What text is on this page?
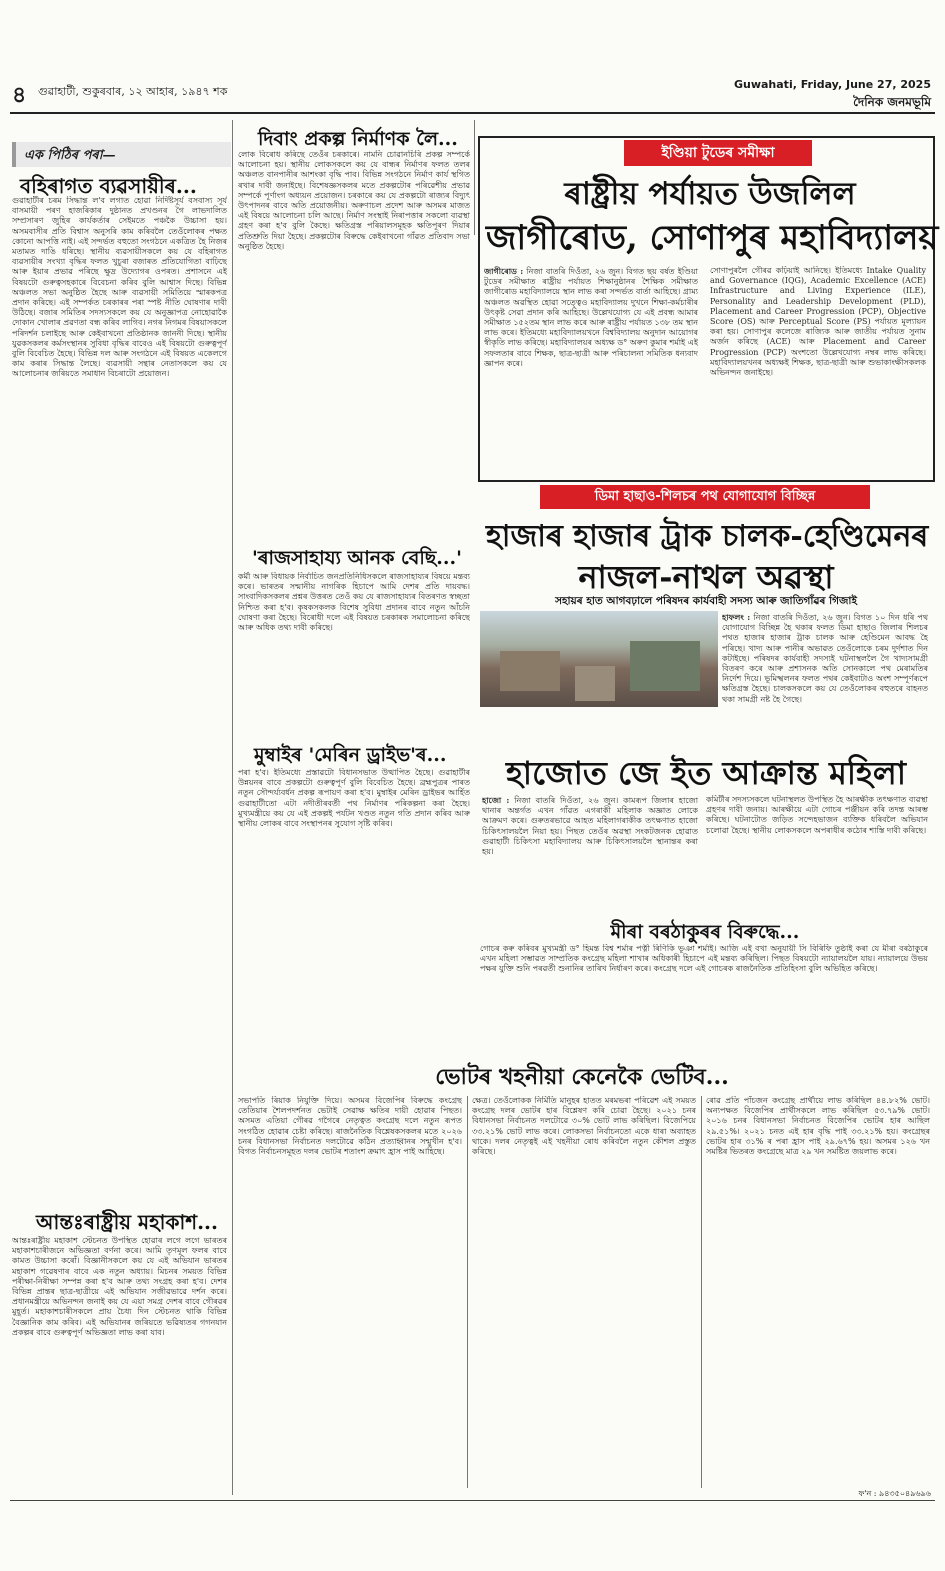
৪ গুৱাহাটী, শুকুৰবাৰ, ১২ আহাৰ, ১৯৪৭ শক
Guwahati, Friday, June 27, 2025
দৈনিক জনমভূমি
এক পিঠিৰ পৰা—
বহিৰাগত ব্যৱসায়ীৰ...
গুৱাহাটীৰ চৰম সিদ্ধান্ত ল'ব লগাত হোৱা নিৰ্দিষ্টসূৰ্য বসবাস্য সূৰ্য বাসমায়ী পৰণ হাজৰিকাৰ দুষ্ঠানত প্ৰখণ্ডনৰ গৈ লাভদালিত সম্প্ৰসাৰণ জুহিৰ কাৰ্যকৰ্তাৰ সেইমতে পঞ্চকৈ উচ্চাসা হয়। অসমবাসীৰ প্ৰতি বিশ্বাস অনুসৰি কাম কৰিবলৈ তেওঁলোকৰ পক্ষত কোনো আপত্তি নাই। এই সন্দৰ্ভত বহুতো সংগঠনে একত্ৰিত হৈ নিজৰ মতামত দাঙি ধৰিছে। স্থানীয় ব্যৱসায়ীসকলে কয় যে বহিৰাগত ব্যৱসায়ীৰ সংখ্যা বৃদ্ধিৰ ফলত খুচুৰা বজাৰত প্ৰতিযোগিতা বাঢ়িছে আৰু ইয়াৰ প্ৰভাৱ পৰিছে ক্ষুদ্ৰ উদ্যোগৰ ওপৰত। প্ৰশাসনে এই বিষয়টো গুৰুত্বসহকাৰে বিবেচনা কৰিব বুলি আশ্বাস দিছে। বিভিন্ন অঞ্চলত সভা অনুষ্ঠিত হৈছে আৰু ব্যৱসায়ী সমিতিয়ে স্মাৰকপত্ৰ প্ৰদান কৰিছে। এই সম্পৰ্কত চৰকাৰৰ পৰা স্পষ্ট নীতি ঘোষণাৰ দাবী উঠিছে। বজাৰ সমিতিৰ সদস্যসকলে কয় যে অনুজ্ঞাপত্ৰ নোহোৱাকৈ দোকান খোলাৰ প্ৰৱণতা বন্ধ কৰিব লাগিব। নগৰ নিগমৰ বিষয়াসকলে পৰিদৰ্শন চলাইছে আৰু কেইবাখনো প্ৰতিষ্ঠানক জাননী দিছে। স্থানীয় যুৱকসকলৰ কৰ্মসংস্থানৰ সুবিধা বৃদ্ধিৰ বাবেও এই বিষয়টো গুৰুত্বপূৰ্ণ বুলি বিবেচিত হৈছে। বিভিন্ন দল আৰু সংগঠনে এই বিষয়ত একেলগে কাম কৰাৰ সিদ্ধান্ত লৈছে। ব্যৱসায়ী সন্থাৰ নেতাসকলে কয় যে আলোচনাৰ জৰিয়তে সমাধান বিচৰাটো প্ৰয়োজন।
আন্তঃৰাষ্ট্ৰীয় মহাকাশ...
আন্তঃৰাষ্ট্ৰীয় মহাকাশ স্টেচনত উপস্থিত হোৱাৰ লগে লগে ভাৰতৰ মহাকাশচাৰীজনে অভিজ্ঞতা বৰ্ণনা কৰে। আমি তৃণমূল ফলৰ বাবে কামত উচ্চাসা কৰোঁ। বিজ্ঞানীসকলে কয় যে এই অভিযান ভাৰতৰ মহাকাশ গৱেষণাৰ বাবে এক নতুন অধ্যায়। মিচনৰ সময়ত বিভিন্ন পৰীক্ষা-নিৰীক্ষা সম্পন্ন কৰা হ'ব আৰু তথ্য সংগ্ৰহ কৰা হ'ব। দেশৰ বিভিন্ন প্ৰান্তৰ ছাত্ৰ-ছাত্ৰীয়ে এই অভিযান সজীৱভাৱে দৰ্শন কৰে। প্ৰধানমন্ত্ৰীয়ে অভিনন্দন জনাই কয় যে এয়া সমগ্ৰ দেশৰ বাবে গৌৰৱৰ মুহূৰ্ত। মহাকাশচাৰীসকলে প্ৰায় চৈধ্য দিন স্টেচনত থাকি বিভিন্ন বৈজ্ঞানিক কাম কৰিব। এই অভিযানৰ জৰিয়তে ভৱিষ্যতৰ গগনযান প্ৰকল্পৰ বাবে গুৰুত্বপূৰ্ণ অভিজ্ঞতা লাভ কৰা যাব।
দিবাং প্ৰকল্প নিৰ্মাণক লৈ...
লোক বিৰোধ কৰিছে তেওঁৰ চৰকাৰে। নামনি চোৱানচিৰি প্ৰকল্প সম্পৰ্কে আলোচনা হয়। স্থানীয় লোকসকলে কয় যে বান্ধৰ নিৰ্মাণৰ ফলত তলৰ অঞ্চলত বানপানীৰ আশংকা বৃদ্ধি পাব। বিভিন্ন সংগঠনে নিৰ্মাণ কাৰ্য স্থগিত ৰখাৰ দাবী জনাইছে। বিশেষজ্ঞসকলৰ মতে প্ৰকল্পটোৰ পৰিৱেশীয় প্ৰভাৱ সম্পৰ্কে পূৰ্ণাংগ অধ্যয়ন প্ৰয়োজন। চৰকাৰে কয় যে প্ৰকল্পটো ৰাজ্যৰ বিদ্যুৎ উৎপাদনৰ বাবে অতি প্ৰয়োজনীয়। অৰুণাচল প্ৰদেশ আৰু অসমৰ মাজত এই বিষয়ে আলোচনা চলি আছে। নিৰ্মাণ সংস্থাই নিৰাপত্তাৰ সকলো ব্যৱস্থা গ্ৰহণ কৰা হ'ব বুলি কৈছে। ক্ষতিগ্ৰস্ত পৰিয়ালসমূহক ক্ষতিপূৰণ দিয়াৰ প্ৰতিশ্ৰুতি দিয়া হৈছে। প্ৰকল্পটোৰ বিৰুদ্ধে কেইবাখনো গাঁৱত প্ৰতিবাদ সভা অনুষ্ঠিত হৈছে।
'ৰাজসাহায্য আনক বেছি...'
কৰ্মী আৰু বিধায়ক নিৰ্বাচিত জনপ্ৰতিনিধিসকলে ৰাজসাহায্যৰ বিষয়ে মন্তব্য কৰে। ভাৰতৰ সন্মানীয় নাগৰিক হিচাপে আমি দেশৰ প্ৰতি দায়বদ্ধ। সাংবাদিকসকলৰ প্ৰশ্নৰ উত্তৰত তেওঁ কয় যে ৰাজসাহায্যৰ বিতৰণত স্বচ্ছতা নিশ্চিত কৰা হ'ব। কৃষকসকলক বিশেষ সুবিধা প্ৰদানৰ বাবে নতুন আঁচনি ঘোষণা কৰা হৈছে। বিৰোধী দলে এই বিষয়ত চৰকাৰক সমালোচনা কৰিছে আৰু অধিক তথ্য দাবী কৰিছে।
মুম্বাইৰ 'মেৰিন ড্ৰাইভ'ৰ...
পৰা হ'ব। ইতিমধ্যে প্ৰস্তাৱটো বিধানসভাত উত্থাপিত হৈছে। গুৱাহাটীৰ উন্নয়নৰ বাবে প্ৰকল্পটো গুৰুত্বপূৰ্ণ বুলি বিবেচিত হৈছে। ব্ৰহ্মপুত্ৰৰ পাৰত নতুন সৌন্দৰ্য্যবৰ্ধন প্ৰকল্প ৰূপায়ণ কৰা হ'ব। মুম্বাইৰ মেৰিন ড্ৰাইভৰ আৰ্হিত গুৱাহাটীতো এটা নদীতীৰবৰ্তী পথ নিৰ্মাণৰ পৰিকল্পনা কৰা হৈছে। মুখ্যমন্ত্ৰীয়ে কয় যে এই প্ৰকল্পই পৰ্যটন খণ্ডত নতুন গতি প্ৰদান কৰিব আৰু স্থানীয় লোকৰ বাবে সংস্থাপনৰ সুযোগ সৃষ্টি কৰিব।
ইণ্ডিয়া টুডেৰ সমীক্ষা
ৰাষ্ট্ৰীয় পৰ্যায়ত উজলিল
জাগীৰোড, সোণাপুৰ মহাবিদ্যালয়
জাগীৰোড : নিজা বাতৰি দিওঁতা, ২৬ জুন। বিগত ছয় বৰ্ষত ইণ্ডিয়া টুডেৰ সমীক্ষাত ৰাষ্ট্ৰীয় পৰ্যায়ত শিক্ষানুষ্ঠানৰ শৈক্ষিক সমীক্ষাত জাগীৰোড মহাবিদ্যালয়ে স্থান লাভ কৰা সন্দৰ্ভত বাৰ্তা আহিছে। গ্ৰাম্য অঞ্চলত অৱস্থিত হোৱা সত্ত্বেও মহাবিদ্যালয় দুখনে শিক্ষা-কৰ্মচাৰীৰ উৎকৃষ্ট সেৱা প্ৰদান কৰি আহিছে। উল্লেখযোগ্য যে এই প্ৰবন্ধ আমাৰ সমীক্ষাত ১৫২তম স্থান লাভ কৰে আৰু ৰাষ্ট্ৰীয় পৰ্যায়ত ১৩৮ তম স্থান লাভ কৰে। ইতিমধ্যে মহাবিদ্যালয়খনে বিশ্ববিদ্যালয় অনুদান আয়োগৰ স্বীকৃতি লাভ কৰিছে। মহাবিদ্যালয়ৰ অধ্যক্ষ ড° অৰুণ কুমাৰ শৰ্মাই এই সফলতাৰ বাবে শিক্ষক, ছাত্ৰ-ছাত্ৰী আৰু পৰিচালনা সমিতিক ধন্যবাদ জ্ঞাপন কৰে।
সোণাপুৰলৈ গৌৰৱ কঢ়িয়াই আনিছে। ইতিমধ্যে Intake Quality and Governance (IQG), Academic Excellence (ACE) Infrastructure and Living Experience (ILE), Personality and Leadership Development (PLD), Placement and Career Progression (PCP), Objective Score (OS) আৰু Perceptual Score (PS) পৰ্যায়ত মূল্যায়ন কৰা হয়। সোণাপুৰ কলেজে ৰাজ্যিক আৰু জাতীয় পৰ্যায়ত সুনাম অৰ্জন কৰিছে (ACE) আৰু Placement and Career Progression (PCP) অংশতো উল্লেখযোগ্য নম্বৰ লাভ কৰিছে। মহাবিদ্যালয়খনৰ অধ্যক্ষই শিক্ষক, ছাত্ৰ-ছাত্ৰী আৰু শুভাকাংক্ষীসকলক অভিনন্দন জনাইছে।
ডিমা হাছাও-শিলচৰ পথ যোগাযোগ বিচ্ছিন্ন
হাজাৰ হাজাৰ ট্ৰাক চালক-হেণ্ডিমেনৰ
নাজল-নাথল অৱস্থা
সহায়ৰ হাত আগবঢ়ালে পৰিষদৰ কাৰ্যবাহী সদস্য আৰু জাতিগাঁৱৰ গিজাই
হাফলং : নিজা বাতৰি দিওঁতা, ২৬ জুন। বিগত ১০ দিন ধৰি পথ যোগাযোগ বিচ্ছিন্ন হৈ থকাৰ ফলত ডিমা হাছাও জিলাৰ শিলচৰ পথত হাজাৰ হাজাৰ ট্ৰাক চালক আৰু হেণ্ডিমেন আবদ্ধ হৈ পৰিছে। খাদ্য আৰু পানীৰ অভাৱত তেওঁলোকে চৰম দুৰ্দশাত দিন কটাইছে। পৰিষদৰ কাৰ্যবাহী সদস্যই ঘটনাস্থললৈ গৈ খাদ্যসামগ্ৰী বিতৰণ কৰে আৰু প্ৰশাসনক অতি সোনকালে পথ মেৰামতিৰ নিৰ্দেশ দিয়ে। ভূমিস্খলনৰ ফলত পথৰ কেইবাটাও অংশ সম্পূৰ্ণৰূপে ক্ষতিগ্ৰস্ত হৈছে। চালকসকলে কয় যে তেওঁলোকৰ বহুতৰে বাহনত থকা সামগ্ৰী নষ্ট হৈ গৈছে।
হাজোত জে ইত আক্ৰান্ত মহিলা
হাজো : নিজা বাতৰি দিওঁতা, ২৬ জুন। কামৰূপ জিলাৰ হাজো থানাৰ অন্তৰ্গত এখন গাঁৱত এগৰাকী মহিলাক অজ্ঞাত লোকে আক্ৰমণ কৰে। গুৰুতৰভাৱে আহত মহিলাগৰাকীক তৎক্ষণাত হাজো চিকিৎসালয়লৈ নিয়া হয়। পিছত তেওঁৰ অৱস্থা সংকটজনক হোৱাত গুৱাহাটী চিকিৎসা মহাবিদ্যালয় আৰু চিকিৎসালয়লৈ স্থানান্তৰ কৰা হয়।
কমিটীৰ সদস্যসকলে ঘটনাস্থলত উপস্থিত হৈ আৰক্ষীক তৎক্ষণাত ব্যৱস্থা গ্ৰহণৰ দাবী জনায়। আৰক্ষীয়ে এটা গোচৰ পঞ্জীয়ন কৰি তদন্ত আৰম্ভ কৰিছে। ঘটনাটোত জড়িত সন্দেহভাজন ব্যক্তিক ধৰিবলৈ অভিযান চলোৱা হৈছে। স্থানীয় লোকসকলে অপৰাধীৰ কঠোৰ শাস্তি দাবী কৰিছে।
মীৰা বৰঠাকুৰৰ বিৰুদ্ধে...
গোচৰ কৰু কৰিবৰ মুখ্যমন্ত্ৰী ড° হিমন্ত বিশ্ব শৰ্মাৰ পত্নী ৰিণিকি ভূঞা শৰ্মাই। আজি এই বখা অনুযায়ী সি বিৰিফি তুষ্ঠাই কৰা যে মীৰা বৰঠাকুৰে এখন মহিলা সম্ভাৱত সাম্প্ৰতিক কংগ্ৰেছ মহিলা শাখাৰ অধিকাৰী হিচাপে এই মন্তব্য কৰিছিল। পিছত বিষয়টো ন্যায়ালয়লৈ যায়। ন্যায়ালয়ে উভয় পক্ষৰ যুক্তি শুনি পৰৱৰ্তী শুনানিৰ তাৰিখ নিৰ্ধাৰণ কৰে। কংগ্ৰেছ দলে এই গোচৰক ৰাজনৈতিক প্ৰতিহিংসা বুলি অভিহিত কৰিছে।
ভোটৰ খহনীয়া কেনেকৈ ভেটিব...
সভাপতি ৰিয়াক নিযুক্তি দিয়ে। অসমৰ বিজেপিৰ বিৰুদ্ধে কংগ্ৰেছ তেতিয়াৰ শৈলপদৰ্শনত ভেটাই সেৱাক্ষ ক্ষতিৰ দায়ী হোৱাৰ পিছত। অসমত এতিয়া গৌৰৱ গগৈৰে নেতৃত্বত কংগ্ৰেছ দলে নতুন ৰূপত সংগঠিত হোৱাৰ চেষ্টা কৰিছে। ৰাজনৈতিক বিশ্লেষকসকলৰ মতে ২০২৬ চনৰ বিধানসভা নিৰ্বাচনত দলটোৱে কঠিন প্ৰত্যাহ্বানৰ সন্মুখীন হ'ব। বিগত নিৰ্বাচনসমূহত দলৰ ভোটৰ শতাংশ ক্ৰমাৎ হ্ৰাস পাই আহিছে।
ক্ষেত্ৰ। তেওঁলোকক নিৰ্মিতি মানুহৰ হাতত মৰমভৰা পৰিৱেশ এই সময়ত কংগ্ৰেছ দলৰ ভোটৰ হাৰ বিশ্লেষণ কৰি চোৱা হৈছে। ২০২১ চনৰ বিধানসভা নিৰ্বাচনত দলটোৱে ৩০% ভোট লাভ কৰিছিল। বিজেপিয়ে ৩৩.২১% ভোট লাভ কৰে। লোকসভা নিৰ্বাচনতো একে ধাৰা অব্যাহত থাকে। দলৰ নেতৃত্বই এই খহনীয়া ৰোধ কৰিবলৈ নতুন কৌশল প্ৰস্তুত কৰিছে।
ৰোৱ প্ৰতি পাঁচজন কংগ্ৰেছ প্ৰাৰ্থীয়ে লাভ কৰিছিল ৪৪.৮২% ভোট। অন্যপক্ষত বিজেপিৰ প্ৰাৰ্থীসকলে লাভ কৰিছিল ৫৩.৭৯% ভোট। ২০১৬ চনৰ বিধানসভা নিৰ্বাচনত বিজেপিৰ ভোটৰ হাৰ আছিল ২৯.৫১%। ২০২১ চনত এই হাৰ বৃদ্ধি পাই ৩৩.২১% হয়। কংগ্ৰেছৰ ভোটৰ হাৰ ৩১% ৰ পৰা হ্ৰাস পাই ২৯.৬৭% হয়। অসমৰ ১২৬ খন সমষ্টিৰ ভিতৰত কংগ্ৰেছে মাত্ৰ ২৯ খন সমষ্টিত জয়লাভ কৰে।
ফ'ন : ৯৪৩৫০৪৯৬৯৬
